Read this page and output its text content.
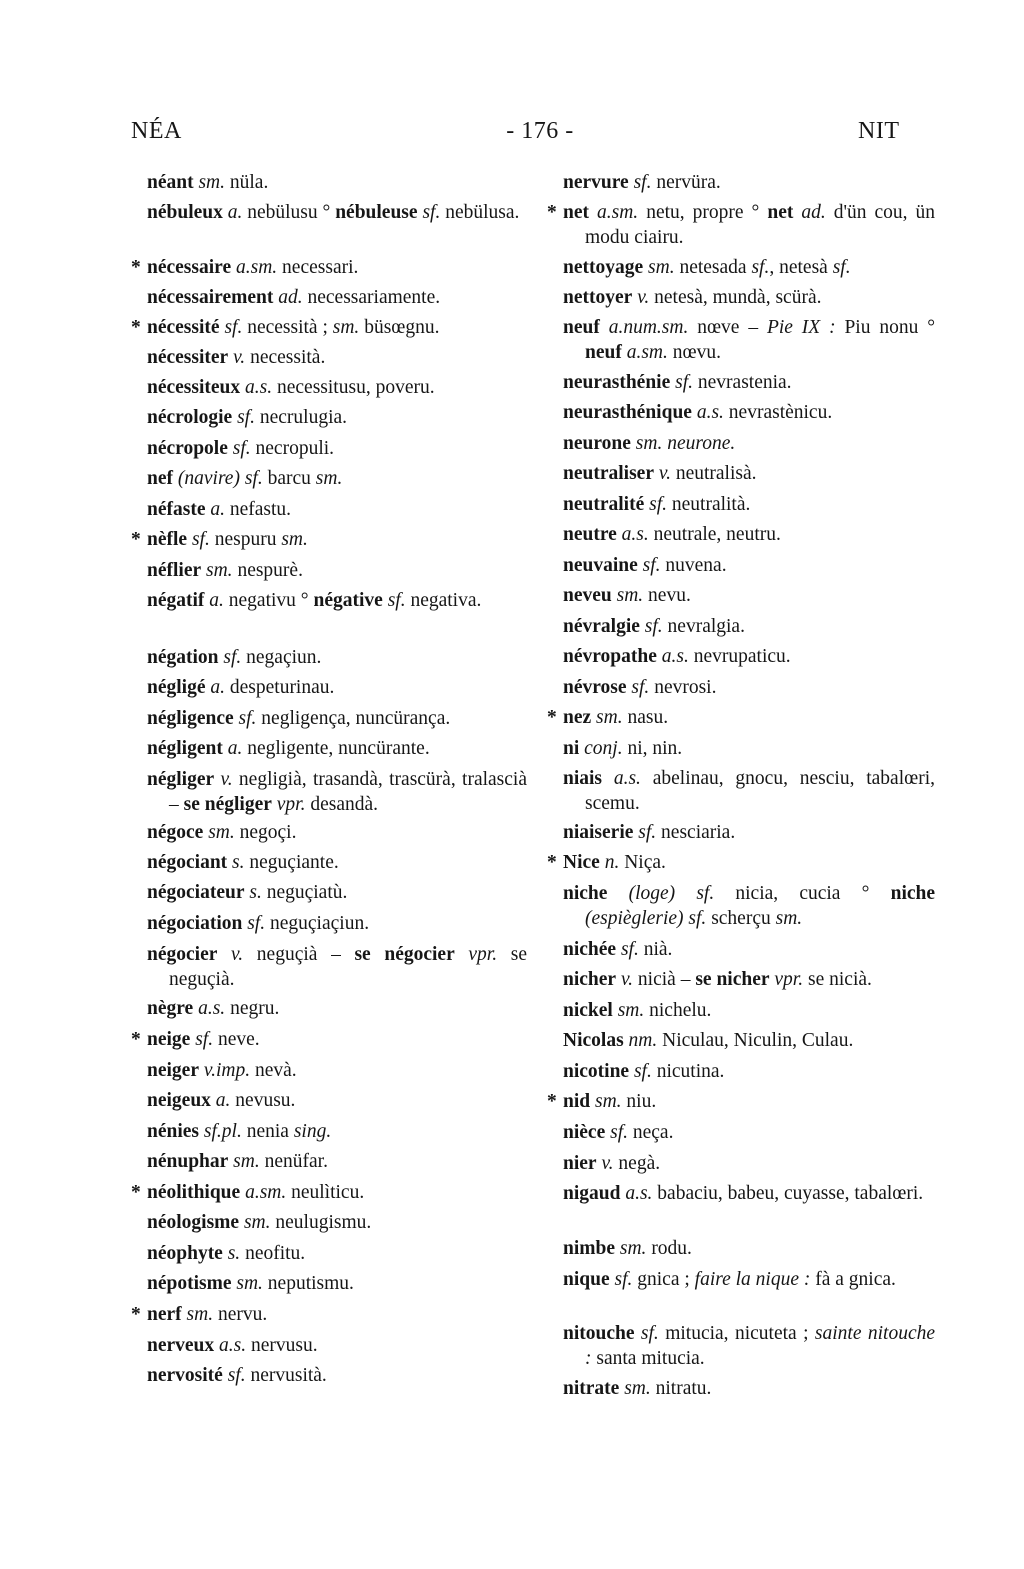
NÉA	- 176 -	NIT
néant sm. nüla.
nébuleux a. nebülusu ° nébuleuse sf. nebülusa.
* nécessaire a.sm. necessari.
nécessairement ad. necessariamente.
* nécessité sf. necessità ; sm. büsœgnu.
nécessiter v. necessità.
nécessiteux a.s. necessitusu, poveru.
nécrologie sf. necrulugia.
nécropole sf. necropuli.
nef (navire) sf. barcu sm.
néfaste a. nefastu.
* nèfle sf. nespuru sm.
néflier sm. nespurè.
négatif a. negativu ° négative sf. negativa.
négation sf. negaçiun.
négligé a. despeturinau.
négligence sf. negligença, nuncürança.
négligent a. negligente, nuncürante.
négliger v. negligià, trasandà, trascürà, tralascià – se négliger vpr. desandà.
négoce sm. negoçi.
négociant s. neguçiante.
négociateur s. neguçiatù.
négociation sf. neguçiaçiun.
négocier v. neguçià – se négocier vpr. se neguçià.
nègre a.s. negru.
* neige sf. neve.
neiger v.imp. nevà.
neigeux a. nevusu.
nénies sf.pl. nenia sing.
nénuphar sm. nenüfar.
* néolithique a.sm. neulìticu.
néologisme sm. neulugismu.
néophyte s. neofitu.
népotisme sm. neputismu.
* nerf sm. nervu.
nerveux a.s. nervusu.
nervosité sf. nervusità.
nervure sf. nervüra.
* net a.sm. netu, propre ° net ad. d'ün cou, ün modu ciairu.
nettoyage sm. netesada sf., netesà sf.
nettoyer v. netesà, mundà, scürà.
neuf a.num.sm. nœve – Pie IX : Piu nonu ° neuf a.sm. nœvu.
neurasthénie sf. nevrastenia.
neurasthénique a.s. nevrastènicu.
neurone sm. neurone.
neutraliser v. neutralisà.
neutralité sf. neutralità.
neutre a.s. neutrale, neutru.
neuvaine sf. nuvena.
neveu sm. nevu.
névralgie sf. nevralgia.
névropathe a.s. nevrupaticu.
névrose sf. nevrosi.
* nez sm. nasu.
ni conj. ni, nin.
niais a.s. abelinau, gnocu, nesciu, tabalœri, scemu.
niaiserie sf. nesciaria.
* Nice n. Niça.
niche (loge) sf. nicia, cucia ° niche (espièglerie) sf. scherçu sm.
nichée sf. nià.
nicher v. nicià – se nicher vpr. se nicià.
nickel sm. nichelu.
Nicolas nm. Niculau, Niculin, Culau.
nicotine sf. nicutina.
* nid sm. niu.
nièce sf. neça.
nier v. negà.
nigaud a.s. babaciu, babeu, cuyasse, tabalœri.
nimbe sm. rodu.
nique sf. gnica ; faire la nique : fà a gnica.
nitouche sf. mitucia, nicuteta ; sainte nitouche : santa mitucia.
nitrate sm. nitratu.
